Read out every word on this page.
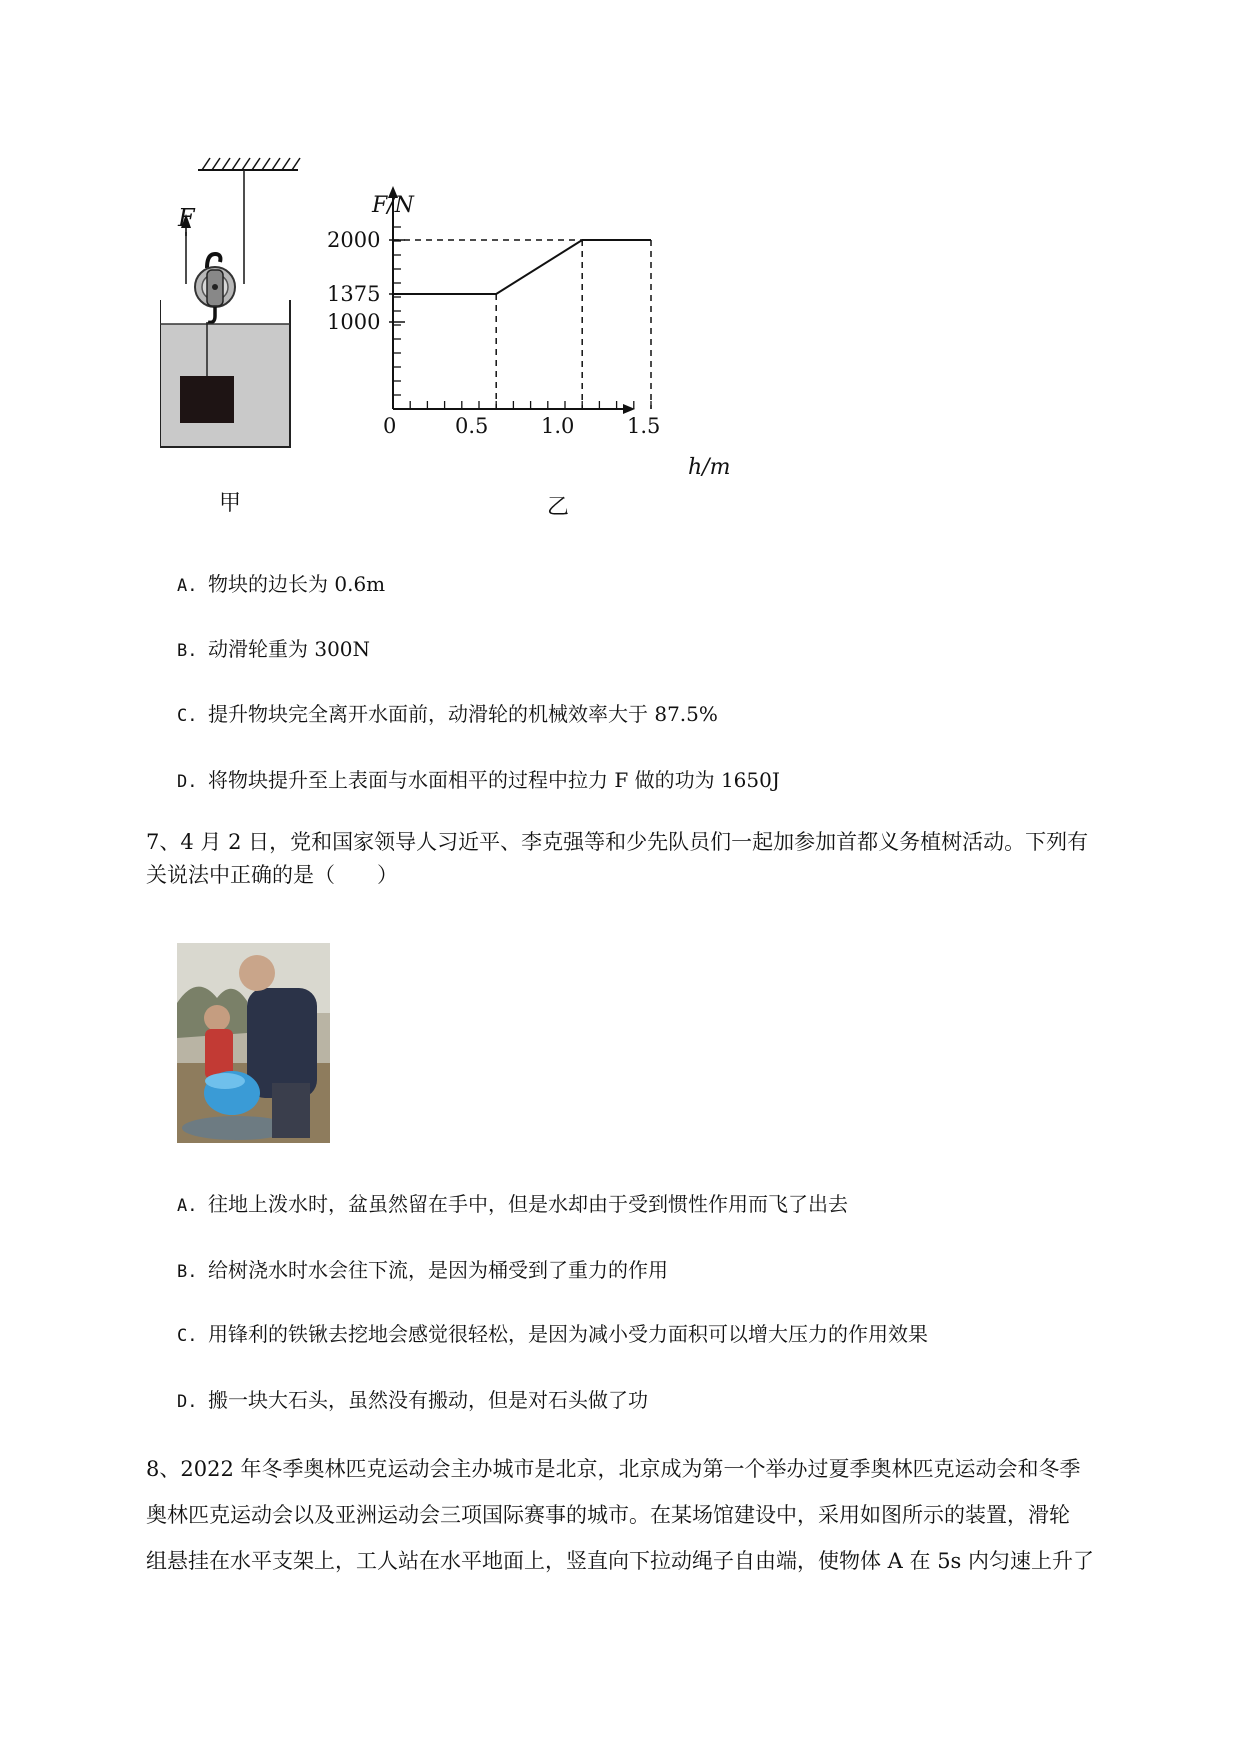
F
甲
0	0.5	1.0	1.5
1000
1375
2000
F/N
h/m
乙
A. 物块的边长为 0.6m
B. 动滑轮重为 300N
C. 提升物块完全离开水面前，动滑轮的机械效率大于 87.5%
D. 将物块提升至上表面与水面相平的过程中拉力 F 做的功为 1650J
7、4 月 2 日，党和国家领导人习近平、李克强等和少先队员们一起加参加首都义务植树活动。下列有
关说法中正确的是（　　）
A. 往地上泼水时，盆虽然留在手中，但是水却由于受到惯性作用而飞了出去
B. 给树浇水时水会往下流，是因为桶受到了重力的作用
C. 用锋利的铁锹去挖地会感觉很轻松，是因为减小受力面积可以增大压力的作用效果
D. 搬一块大石头，虽然没有搬动，但是对石头做了功
8、2022 年冬季奥林匹克运动会主办城市是北京，北京成为第一个举办过夏季奥林匹克运动会和冬季
奥林匹克运动会以及亚洲运动会三项国际赛事的城市。在某场馆建设中，采用如图所示的装置，滑轮
组悬挂在水平支架上，工人站在水平地面上，竖直向下拉动绳子自由端，使物体 A 在 5s 内匀速上升了
